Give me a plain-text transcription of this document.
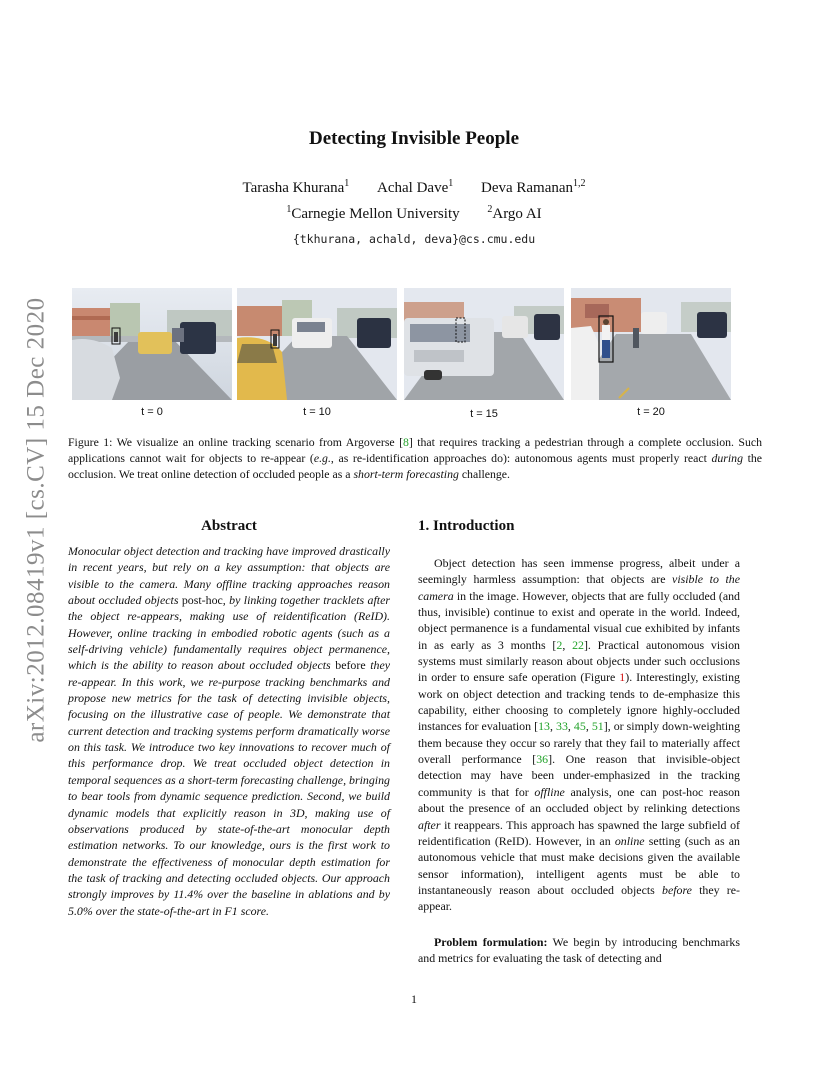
arXiv:2012.08419v1 [cs.CV] 15 Dec 2020
Detecting Invisible People
Tarasha Khurana$^1$ Achal Dave$^1$ Deva Ramanan$^{1,2}$
$^1$Carnegie Mellon University	$^2$Argo AI
{tkhurana, achald, deva}@cs.cmu.edu
t = 0	t = 10	t = 15	t = 20

Figure 1: We visualize an online tracking scenario from Argoverse [8] that requires tracking a pedestrian through a complete occlusion. Such applications cannot wait for objects to re-appear (e.g., as re-identification approaches do): autonomous agents must properly react during the occlusion. We treat online detection of occluded people as a short-term forecasting challenge.

Abstract

Monocular object detection and tracking have improved drastically in recent years, but rely on a key assumption: that objects are visible to the camera. Many offline tracking approaches reason about occluded objects post-hoc, by linking together tracklets after the object re-appears, making use of reidentification (ReID). However, online tracking in embodied robotic agents (such as a self-driving vehicle) fundamentally requires object permanence, which is the ability to reason about occluded objects before they re-appear. In this work, we re-purpose tracking benchmarks and propose new metrics for the task of detecting invisible objects, focusing on the illustrative case of people. We demonstrate that current detection and tracking systems perform dramatically worse on this task. We introduce two key innovations to recover much of this performance drop. We treat occluded object detection in temporal sequences as a short-term forecasting challenge, bringing to bear tools from dynamic sequence prediction. Second, we build dynamic models that explicitly reason in 3D, making use of observations produced by state-of-the-art monocular depth estimation networks. To our knowledge, ours is the first work to demonstrate the effectiveness of monocular depth estimation for the task of tracking and detecting occluded objects. Our approach strongly improves by 11.4% over the baseline in ablations and by 5.0% over the state-of-the-art in F1 score.

1. Introduction

Object detection has seen immense progress, albeit under a seemingly harmless assumption: that objects are visible to the camera in the image. However, objects that are fully occluded (and thus, invisible) continue to exist and operate in the world. Indeed, object permanence is a fundamental visual cue exhibited by infants in as early as 3 months [2, 22]. Practical autonomous vision systems must similarly reason about objects under such occlusions in order to ensure safe operation (Figure 1). Interestingly, existing work on object detection and tracking tends to de-emphasize this capability, either choosing to completely ignore highly-occluded instances for evaluation [13, 33, 45, 51], or simply down-weighting them because they occur so rarely that they fail to materially affect overall performance [36]. One reason that invisible-object detection may have been under-emphasized in the tracking community is that for offline analysis, one can post-hoc reason about the presence of an occluded object by relinking detections after it reappears. This approach has spawned the large subfield of reidentification (ReID). However, in an online setting (such as an autonomous vehicle that must make decisions given the available sensor information), intelligent agents must be able to instantaneously reason about occluded objects before they re-appear.

Problem formulation: We begin by introducing benchmarks and metrics for evaluating the task of detecting and

1
